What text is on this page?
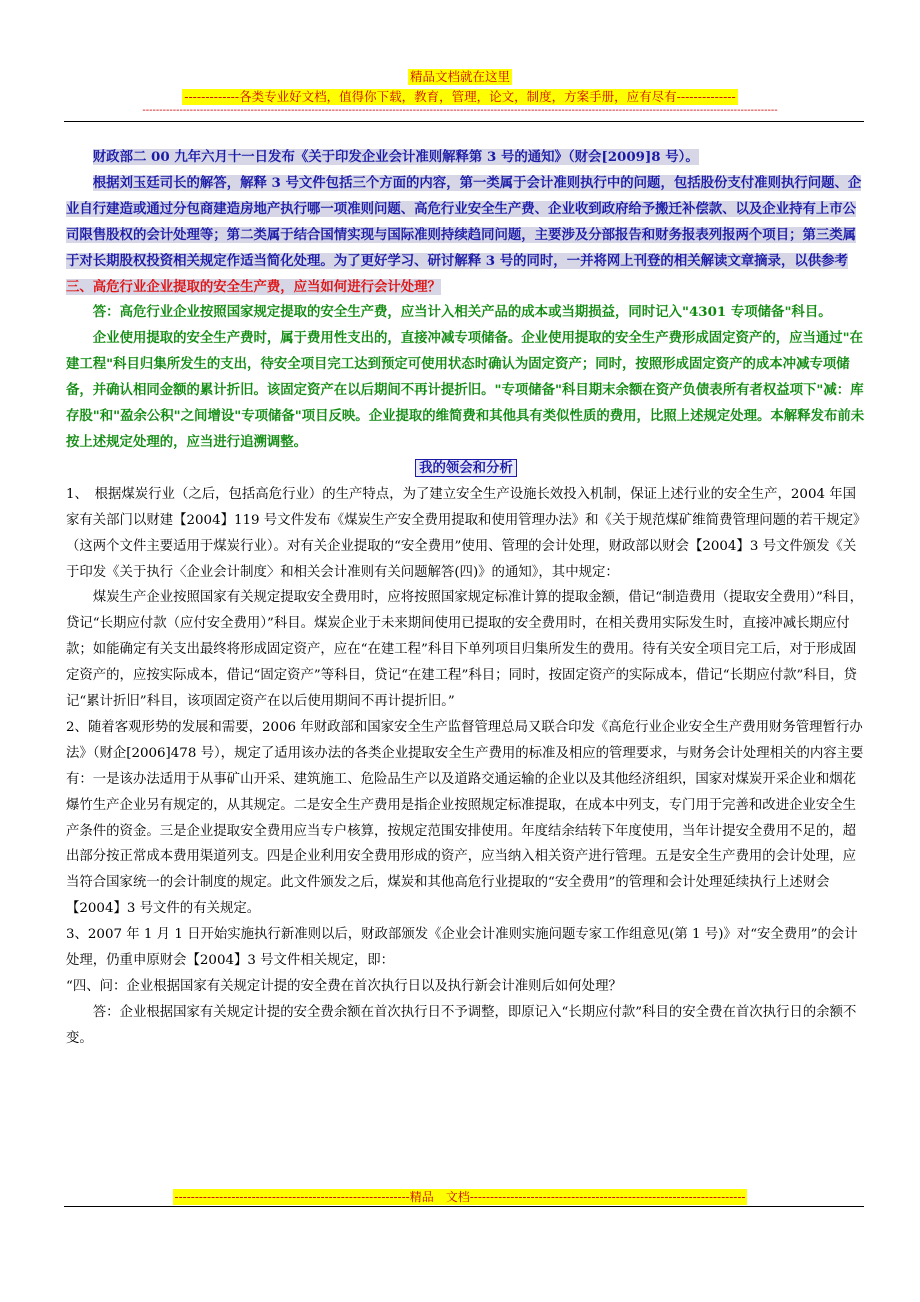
精品文档就在这里
-------------各类专业好文档，值得你下载，教育，管理，论文，制度，方案手册，应有尽有--------------
--------------------------------------------------------------------------------------------------------------------------------------------------------------------------------------------

财政部二 00 九年六月十一日发布《关于印发企业会计准则解释第 3 号的通知》（财会[2009]8 号）。

根据刘玉廷司长的解答，解释 3 号文件包括三个方面的内容，第一类属于会计准则执行中的问题，包括股份支付准则执行问题、企业自行建造或通过分包商建造房地产执行哪一项准则问题、高危行业安全生产费、企业收到政府给予搬迁补偿款、以及企业持有上市公司限售股权的会计处理等；第二类属于结合国情实现与国际准则持续趋同问题，主要涉及分部报告和财务报表列报两个项目；第三类属于对长期股权投资相关规定作适当简化处理。为了更好学习、研讨解释 3 号的同时，一并将网上刊登的相关解读文章摘录，以供参考

三、高危行业企业提取的安全生产费，应当如何进行会计处理？

答：高危行业企业按照国家规定提取的安全生产费，应当计入相关产品的成本或当期损益，同时记入"4301 专项储备"科目。

企业使用提取的安全生产费时，属于费用性支出的，直接冲减专项储备。企业使用提取的安全生产费形成固定资产的，应当通过"在建工程"科目归集所发生的支出，待安全项目完工达到预定可使用状态时确认为固定资产；同时，按照形成固定资产的成本冲减专项储备，并确认相同金额的累计折旧。该固定资产在以后期间不再计提折旧。"专项储备"科目期末余额在资产负债表所有者权益项下"减：库存股"和"盈余公积"之间增设"专项储备"项目反映。企业提取的维简费和其他具有类似性质的费用，比照上述规定处理。本解释发布前未按上述规定处理的，应当进行追溯调整。

我的领会和分析

1、　根据煤炭行业（之后，包括高危行业）的生产特点，为了建立安全生产设施长效投入机制，保证上述行业的安全生产，2004 年国家有关部门以财建【2004】119 号文件发布《煤炭生产安全费用提取和使用管理办法》和《关于规范煤矿维简费管理问题的若干规定》（这两个文件主要适用于煤炭行业）。对有关企业提取的“安全费用”使用、管理的会计处理，财政部以财会【2004】3 号文件颁发《关于印发《关于执行〈企业会计制度〉和相关会计准则有关问题解答(四)》的通知》，其中规定：

煤炭生产企业按照国家有关规定提取安全费用时，应将按照国家规定标准计算的提取金额，借记“制造费用（提取安全费用）”科目，贷记“长期应付款（应付安全费用）”科目。煤炭企业于未来期间使用已提取的安全费用时，在相关费用实际发生时，直接冲减长期应付款；如能确定有关支出最终将形成固定资产，应在“在建工程”科目下单列项目归集所发生的费用。待有关安全项目完工后，对于形成固定资产的，应按实际成本，借记“固定资产”等科目，贷记“在建工程”科目；同时，按固定资产的实际成本，借记“长期应付款”科目，贷记“累计折旧”科目，该项固定资产在以后使用期间不再计提折旧。”

2、随着客观形势的发展和需要，2006 年财政部和国家安全生产监督管理总局又联合印发《高危行业企业安全生产费用财务管理暂行办法》（财企[2006]478 号），规定了适用该办法的各类企业提取安全生产费用的标准及相应的管理要求，与财务会计处理相关的内容主要有：一是该办法适用于从事矿山开采、建筑施工、危险品生产以及道路交通运输的企业以及其他经济组织，国家对煤炭开采企业和烟花爆竹生产企业另有规定的，从其规定。二是安全生产费用是指企业按照规定标准提取，在成本中列支，专门用于完善和改进企业安全生产条件的资金。三是企业提取安全费用应当专户核算，按规定范围安排使用。年度结余结转下年度使用，当年计提安全费用不足的，超出部分按正常成本费用渠道列支。四是企业利用安全费用形成的资产，应当纳入相关资产进行管理。五是安全生产费用的会计处理，应当符合国家统一的会计制度的规定。此文件颁发之后，煤炭和其他高危行业提取的“安全费用”的管理和会计处理延续执行上述财会【2004】3 号文件的有关规定。

3、2007 年 1 月 1 日开始实施执行新准则以后，财政部颁发《企业会计准则实施问题专家工作组意见(第 1 号)》对“安全费用”的会计处理，仍重申原财会【2004】3 号文件相关规定，即：

“四、问：企业根据国家有关规定计提的安全费在首次执行日以及执行新会计准则后如何处理？

答：企业根据国家有关规定计提的安全费余额在首次执行日不予调整，即原记入“长期应付款”科目的安全费在首次执行日的余额不变。

----------------------------------------------------------精品　文档--------------------------------------------------------------------
